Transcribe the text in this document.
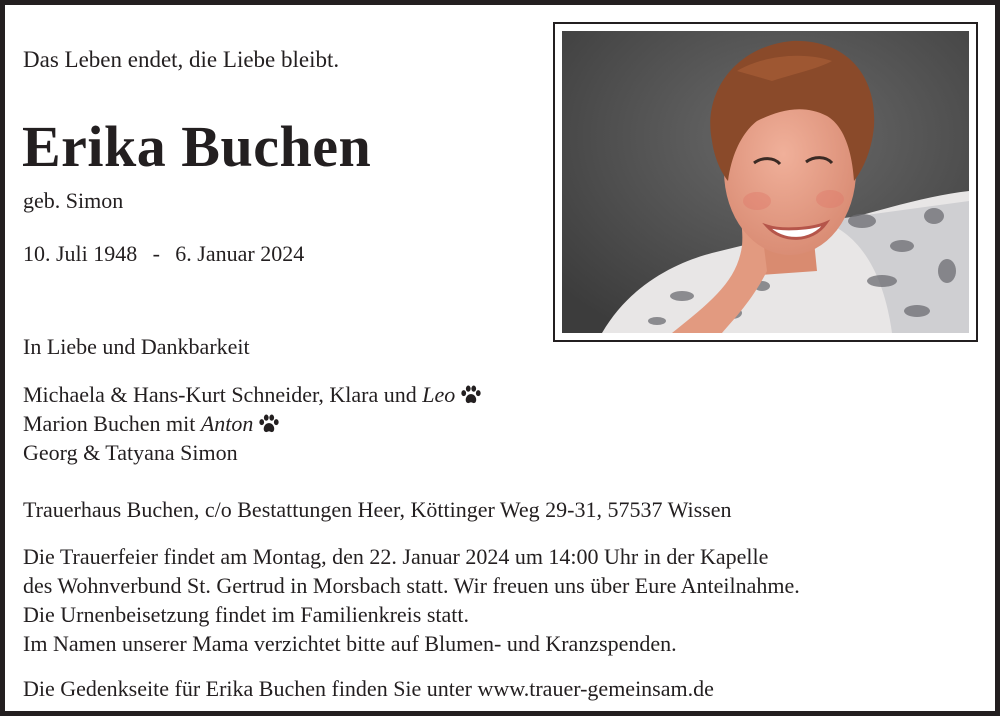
Das Leben endet, die Liebe bleibt.
Erika Buchen
geb. Simon
10. Juli 1948 - 6. Januar 2024
In Liebe und Dankbarkeit
Michaela & Hans-Kurt Schneider, Klara und Leo
Marion Buchen mit Anton
Georg & Tatyana Simon
Trauerhaus Buchen, c/o Bestattungen Heer, Köttinger Weg 29-31, 57537 Wissen
Die Trauerfeier findet am Montag, den 22. Januar 2024 um 14:00 Uhr in der Kapelle
des Wohnverbund St. Gertrud in Morsbach statt. Wir freuen uns über Eure Anteilnahme.
Die Urnenbeisetzung findet im Familienkreis statt.
Im Namen unserer Mama verzichtet bitte auf Blumen- und Kranzspenden.
Die Gedenkseite für Erika Buchen finden Sie unter www.trauer-gemeinsam.de
